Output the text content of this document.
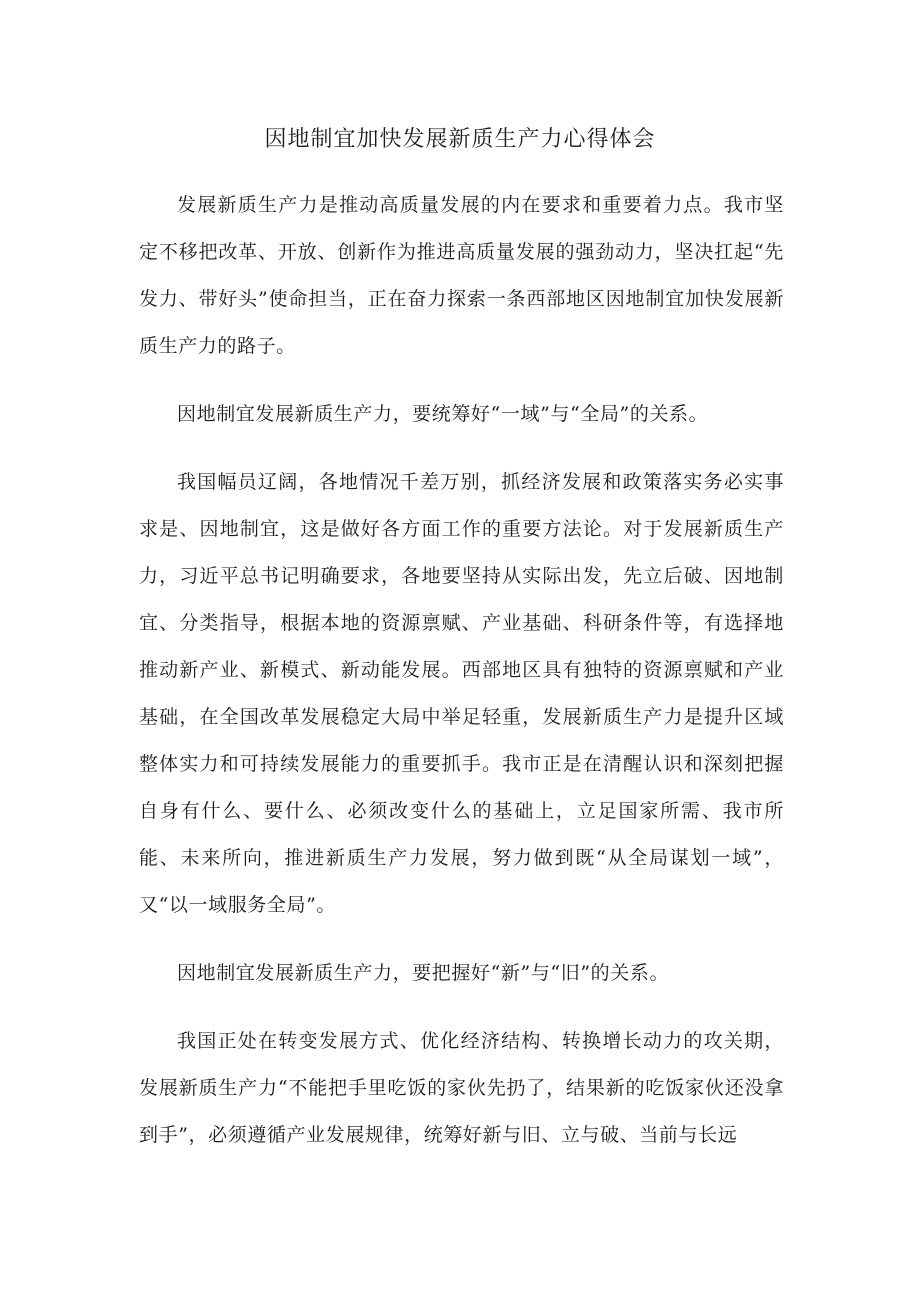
因地制宜加快发展新质生产力心得体会

发展新质生产力是推动高质量发展的内在要求和重要着力点。我市坚定不移把改革、开放、创新作为推进高质量发展的强劲动力，坚决扛起“先发力、带好头”使命担当，正在奋力探索一条西部地区因地制宜加快发展新质生产力的路子。

因地制宜发展新质生产力，要统筹好“一域”与“全局”的关系。

我国幅员辽阔，各地情况千差万别，抓经济发展和政策落实务必实事求是、因地制宜，这是做好各方面工作的重要方法论。对于发展新质生产力，习近平总书记明确要求，各地要坚持从实际出发，先立后破、因地制宜、分类指导，根据本地的资源禀赋、产业基础、科研条件等，有选择地推动新产业、新模式、新动能发展。西部地区具有独特的资源禀赋和产业基础，在全国改革发展稳定大局中举足轻重，发展新质生产力是提升区域整体实力和可持续发展能力的重要抓手。我市正是在清醒认识和深刻把握自身有什么、要什么、必须改变什么的基础上，立足国家所需、我市所能、未来所向，推进新质生产力发展，努力做到既“从全局谋划一域”，又“以一域服务全局”。

因地制宜发展新质生产力，要把握好“新”与“旧”的关系。

我国正处在转变发展方式、优化经济结构、转换增长动力的攻关期，发展新质生产力“不能把手里吃饭的家伙先扔了，结果新的吃饭家伙还没拿到手”，必须遵循产业发展规律，统筹好新与旧、立与破、当前与长远
